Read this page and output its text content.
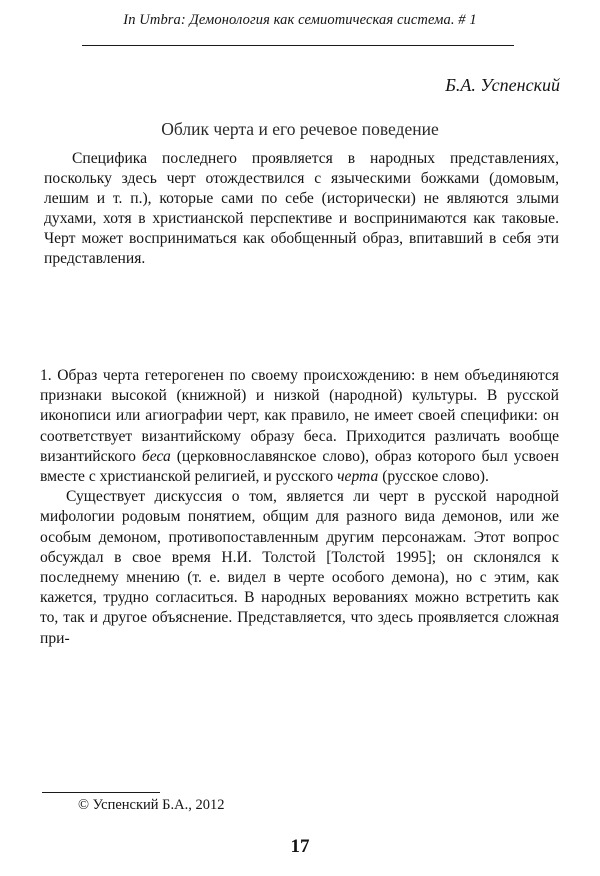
In Umbra: Демонология как семиотическая система. # 1
Б.А. Успенский
Облик черта и его речевое поведение

Специфика последнего проявляется в народных представлениях, поскольку здесь черт отождествился с языческими божками (домовым, лешим и т. п.), которые сами по себе (исторически) не являются злыми духами, хотя в христианской перспективе и воспринимаются как таковые. Черт может восприниматься как обобщенный образ, впитавший в себя эти представления.

1. Образ черта гетерогенен по своему происхождению: в нем объединяются признаки высокой (книжной) и низкой (народной) культуры. В русской иконописи или агиографии черт, как правило, не имеет своей специфики: он соответствует византийскому образу беса. Приходится различать вообще византийского беса (церковнославянское слово), образ которого был усвоен вместе с христианской религией, и русского черта (русское слово).

Существует дискуссия о том, является ли черт в русской народной мифологии родовым понятием, общим для разного вида демонов, или же особым демоном, противопоставленным другим персонажам. Этот вопрос обсуждал в свое время Н.И. Толстой [Толстой 1995]; он склонялся к последнему мнению (т. е. видел в черте особого демона), но с этим, как кажется, трудно согласиться. В народных верованиях можно встретить как то, так и другое объяснение. Представляется, что здесь проявляется сложная при-

© Успенский Б.А., 2012
17
